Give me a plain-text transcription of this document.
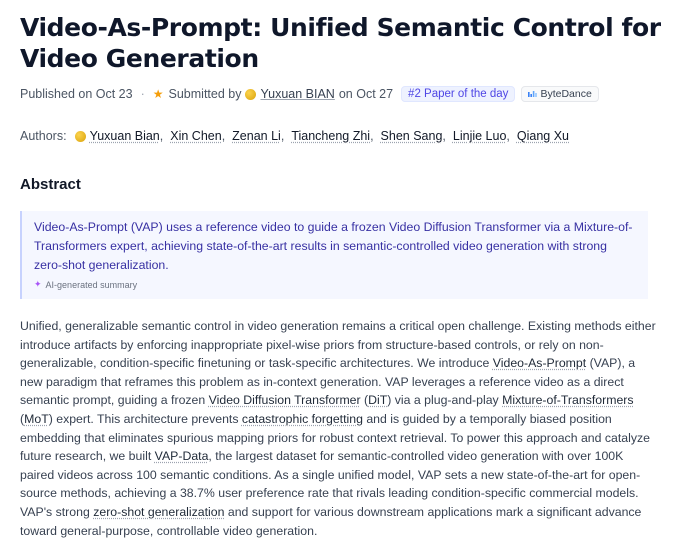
Video-As-Prompt: Unified Semantic Control for Video Generation
Published on Oct 23 · ★ Submitted by Yuxuan BIAN on Oct 27	#2 Paper of the day	ByteDance
Authors: Yuxuan Bian , Xin Chen , Zenan Li , Tiancheng Zhi , Shen Sang , Linjie Luo , Qiang Xu
Abstract

Video-As-Prompt (VAP) uses a reference video to guide a frozen Video Diffusion Transformer via a Mixture-of-Transformers expert, achieving state-of-the-art results in semantic-controlled video generation with strong zero-shot generalization.

✦ AI-generated summary

Unified, generalizable semantic control in video generation remains a critical open challenge. Existing methods either introduce artifacts by enforcing inappropriate pixel-wise priors from structure-based controls, or rely on non-generalizable, condition-specific finetuning or task-specific architectures. We introduce Video-As-Prompt (VAP), a new paradigm that reframes this problem as in-context generation. VAP leverages a reference video as a direct semantic prompt, guiding a frozen Video Diffusion Transformer (DiT) via a plug-and-play Mixture-of-Transformers (MoT) expert. This architecture prevents catastrophic forgetting and is guided by a temporally biased position embedding that eliminates spurious mapping priors for robust context retrieval. To power this approach and catalyze future research, we built VAP-Data, the largest dataset for semantic-controlled video generation with over 100K paired videos across 100 semantic conditions. As a single unified model, VAP sets a new state-of-the-art for open-source methods, achieving a 38.7% user preference rate that rivals leading condition-specific commercial models. VAP's strong zero-shot generalization and support for various downstream applications mark a significant advance toward general-purpose, controllable video generation.
